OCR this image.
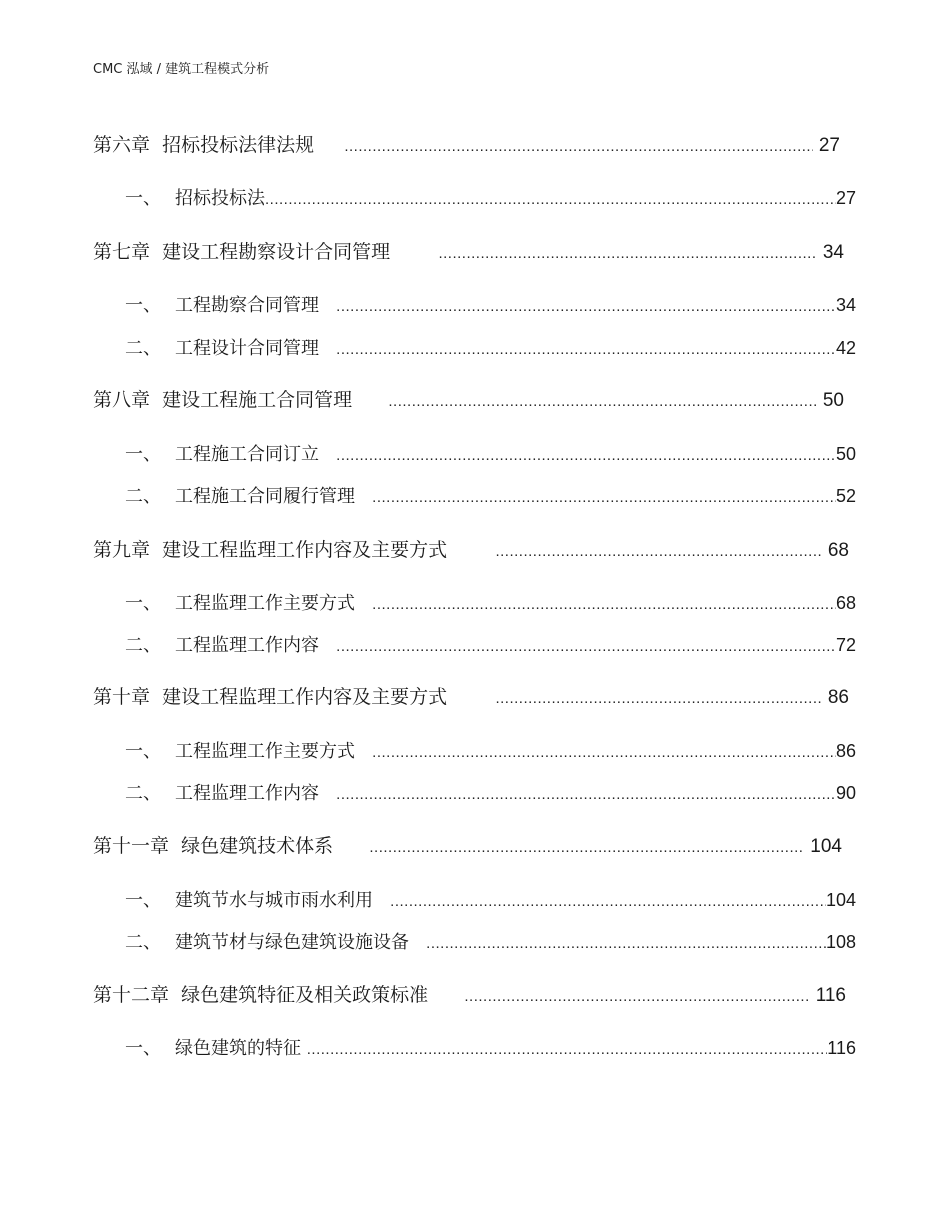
CMC 泓域 / 建筑工程模式分析
第六章 招标投标法律法规 .....	27
一、 招标投标法 .....	27
第七章 建设工程勘察设计合同管理 .....	34
一、 工程勘察合同管理 .....	34
二、 工程设计合同管理 .....	42
第八章 建设工程施工合同管理 .....	50
一、 工程施工合同订立 .....	50
二、 工程施工合同履行管理 .....	52
第九章 建设工程监理工作内容及主要方式 .....	68
一、 工程监理工作主要方式 .....	68
二、 工程监理工作内容 .....	72
第十章 建设工程监理工作内容及主要方式 .....	86
一、 工程监理工作主要方式 .....	86
二、 工程监理工作内容 .....	90
第十一章 绿色建筑技术体系 .....	104
一、 建筑节水与城市雨水利用 .....	104
二、 建筑节材与绿色建筑设施设备 .....	108
第十二章 绿色建筑特征及相关政策标准 .....	116
一、 绿色建筑的特征 .....	116
